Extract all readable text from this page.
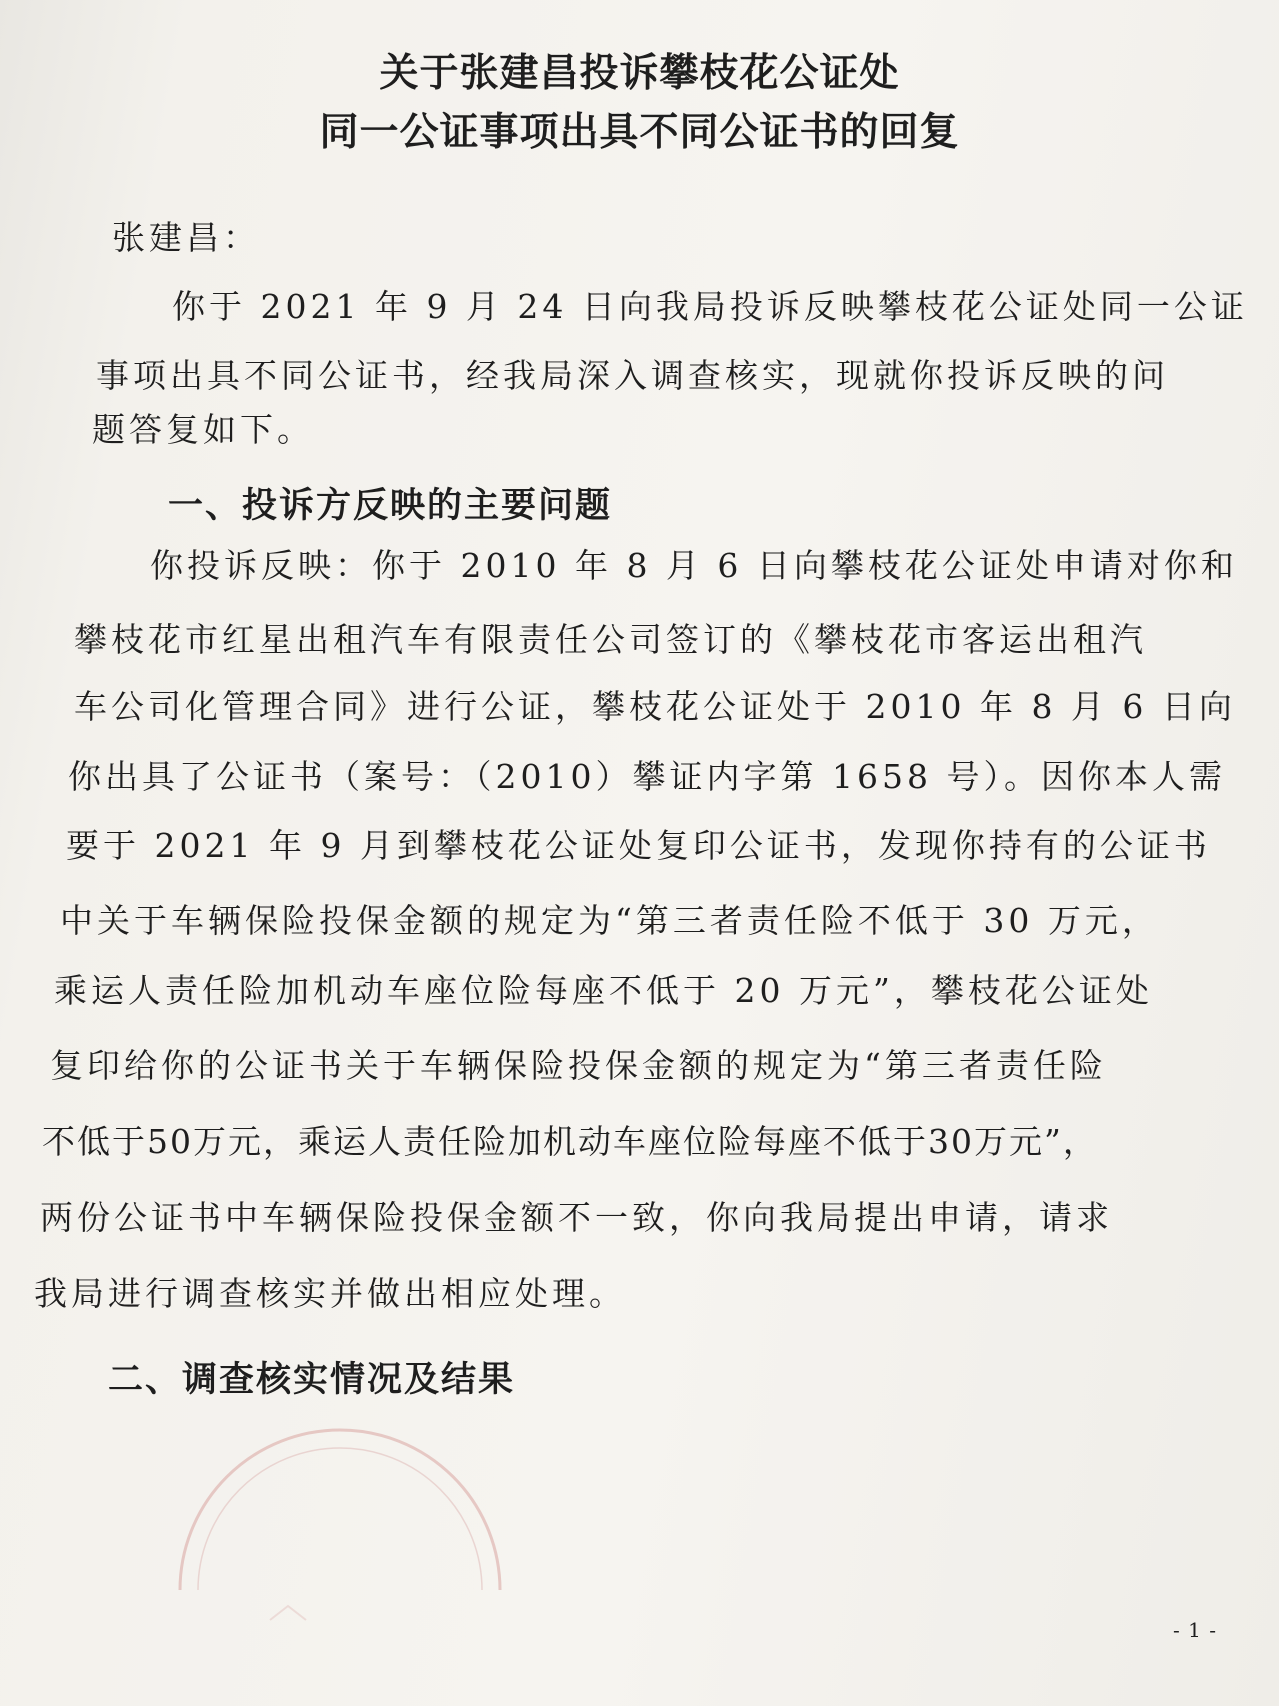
关于张建昌投诉攀枝花公证处
同一公证事项出具不同公证书的回复
张建昌：
你于 2021 年 9 月 24 日向我局投诉反映攀枝花公证处同一公证
事项出具不同公证书，经我局深入调查核实，现就你投诉反映的问
题答复如下。
一、投诉方反映的主要问题
你投诉反映：你于 2010 年 8 月 6 日向攀枝花公证处申请对你和
攀枝花市红星出租汽车有限责任公司签订的《攀枝花市客运出租汽
车公司化管理合同》进行公证，攀枝花公证处于 2010 年 8 月 6 日向
你出具了公证书（案号：（2010）攀证内字第 1658 号）。因你本人需
要于 2021 年 9 月到攀枝花公证处复印公证书，发现你持有的公证书
中关于车辆保险投保金额的规定为“第三者责任险不低于 30 万元，
乘运人责任险加机动车座位险每座不低于 20 万元”，攀枝花公证处
复印给你的公证书关于车辆保险投保金额的规定为“第三者责任险
不低于50万元，乘运人责任险加机动车座位险每座不低于30万元”，
两份公证书中车辆保险投保金额不一致，你向我局提出申请，请求
我局进行调查核实并做出相应处理。
二、调查核实情况及结果
- 1 -
